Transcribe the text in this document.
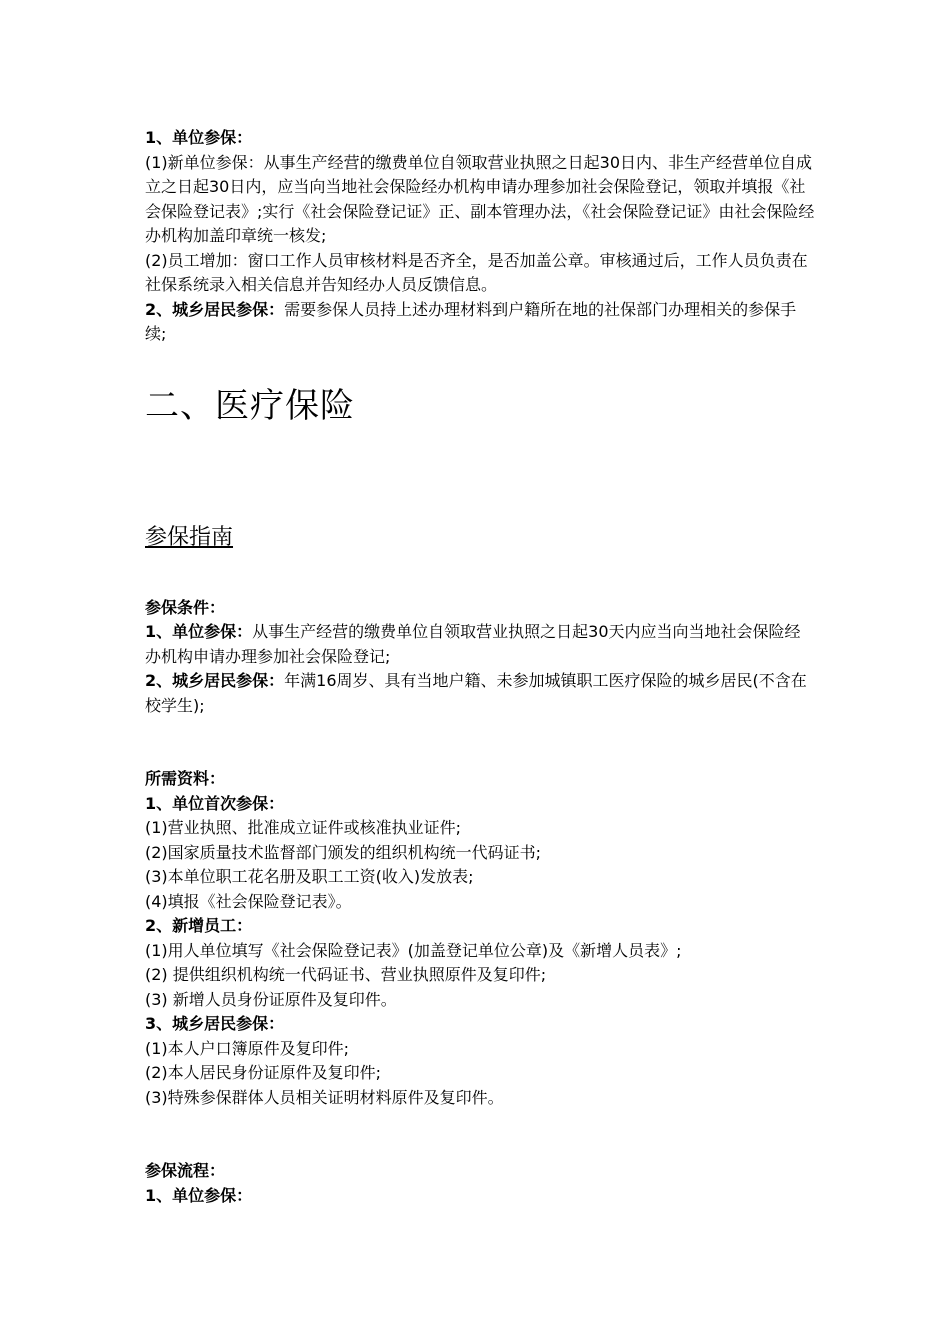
1、单位参保：

(1)新单位参保：从事生产经营的缴费单位自领取营业执照之日起30日内、非生产经营单位自成立之日起30日内，应当向当地社会保险经办机构申请办理参加社会保险登记，领取并填报《社会保险登记表》;实行《社会保险登记证》正、副本管理办法，《社会保险登记证》由社会保险经办机构加盖印章统一核发;

(2)员工增加：窗口工作人员审核材料是否齐全，是否加盖公章。审核通过后，工作人员负责在社保系统录入相关信息并告知经办人员反馈信息。

2、城乡居民参保：需要参保人员持上述办理材料到户籍所在地的社保部门办理相关的参保手续;

二、医疗保险
参保指南

参保条件：

1、单位参保：从事生产经营的缴费单位自领取营业执照之日起30天内应当向当地社会保险经办机构申请办理参加社会保险登记;

2、城乡居民参保：年满16周岁、具有当地户籍、未参加城镇职工医疗保险的城乡居民(不含在校学生);

所需资料：

1、单位首次参保：

(1)营业执照、批准成立证件或核准执业证件;

(2)国家质量技术监督部门颁发的组织机构统一代码证书;

(3)本单位职工花名册及职工工资(收入)发放表;

(4)填报《社会保险登记表》。

2、新增员工：

(1)用人单位填写《社会保险登记表》(加盖登记单位公章)及《新增人员表》;

(2) 提供组织机构统一代码证书、营业执照原件及复印件;

(3) 新增人员身份证原件及复印件。

3、城乡居民参保：

(1)本人户口簿原件及复印件;

(2)本人居民身份证原件及复印件;

(3)特殊参保群体人员相关证明材料原件及复印件。

参保流程：

1、单位参保：
